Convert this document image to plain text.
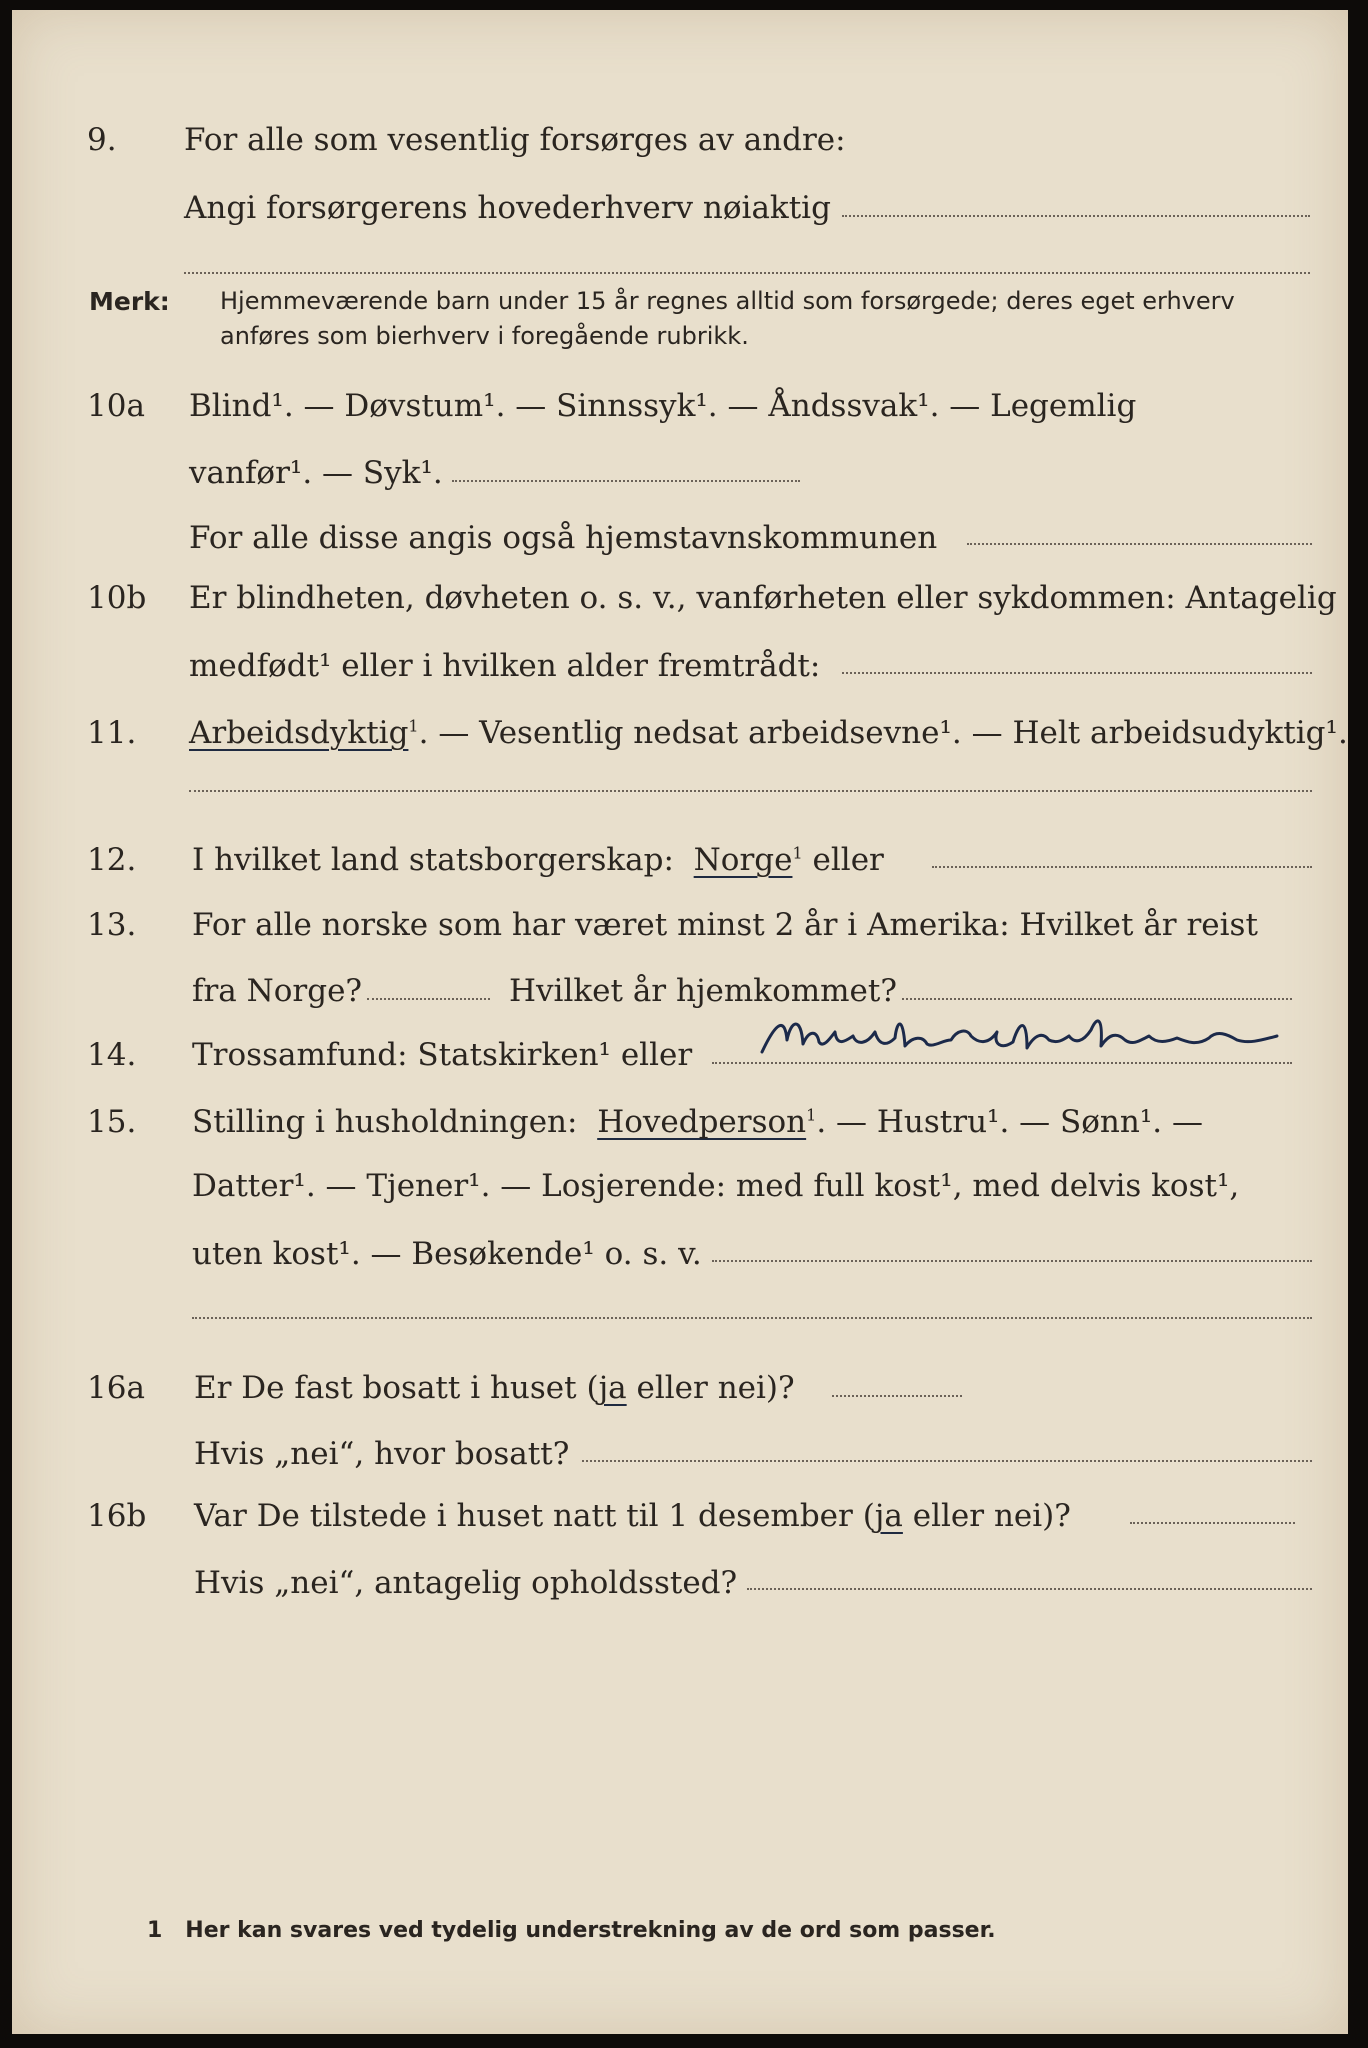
9. For alle som vesentlig forsørges av andre:
Angi forsørgerens hovederhverv nøiaktig
Merk: Hjemmeværende barn under 15 år regnes alltid som forsørgede; deres eget erhverv
anføres som bierhverv i foregående rubrikk.
10a Blind¹. — Døvstum¹. — Sinnssyk¹. — Åndssvak¹. — Legemlig
vanfør¹. — Syk¹.
For alle disse angis også hjemstavnskommunen
10b Er blindheten, døvheten o. s. v., vanførheten eller sykdommen: Antagelig
medfødt¹ eller i hvilken alder fremtrådt:
11. Arbeidsdyktig$^1$. — Vesentlig nedsat arbeidsevne¹. — Helt arbeidsudyktig¹.
12. I hvilket land statsborgerskap: Norge$^1$ eller
13. For alle norske som har været minst 2 år i Amerika: Hvilket år reist
fra Norge?	Hvilket år hjemkommet?
14. Trossamfund: Statskirken¹ eller
15. Stilling i husholdningen: Hovedperson$^1$. — Hustru¹. — Sønn¹. —
Datter¹. — Tjener¹. — Losjerende: med full kost¹, med delvis kost¹,
uten kost¹. — Besøkende¹ o. s. v.
16a Er De fast bosatt i huset (ja eller nei)?
Hvis „nei“, hvor bosatt?
16b Var De tilstede i huset natt til 1 desember (ja eller nei)?
Hvis „nei“, antagelig opholdssted?
1 Her kan svares ved tydelig understrekning av de ord som passer.
